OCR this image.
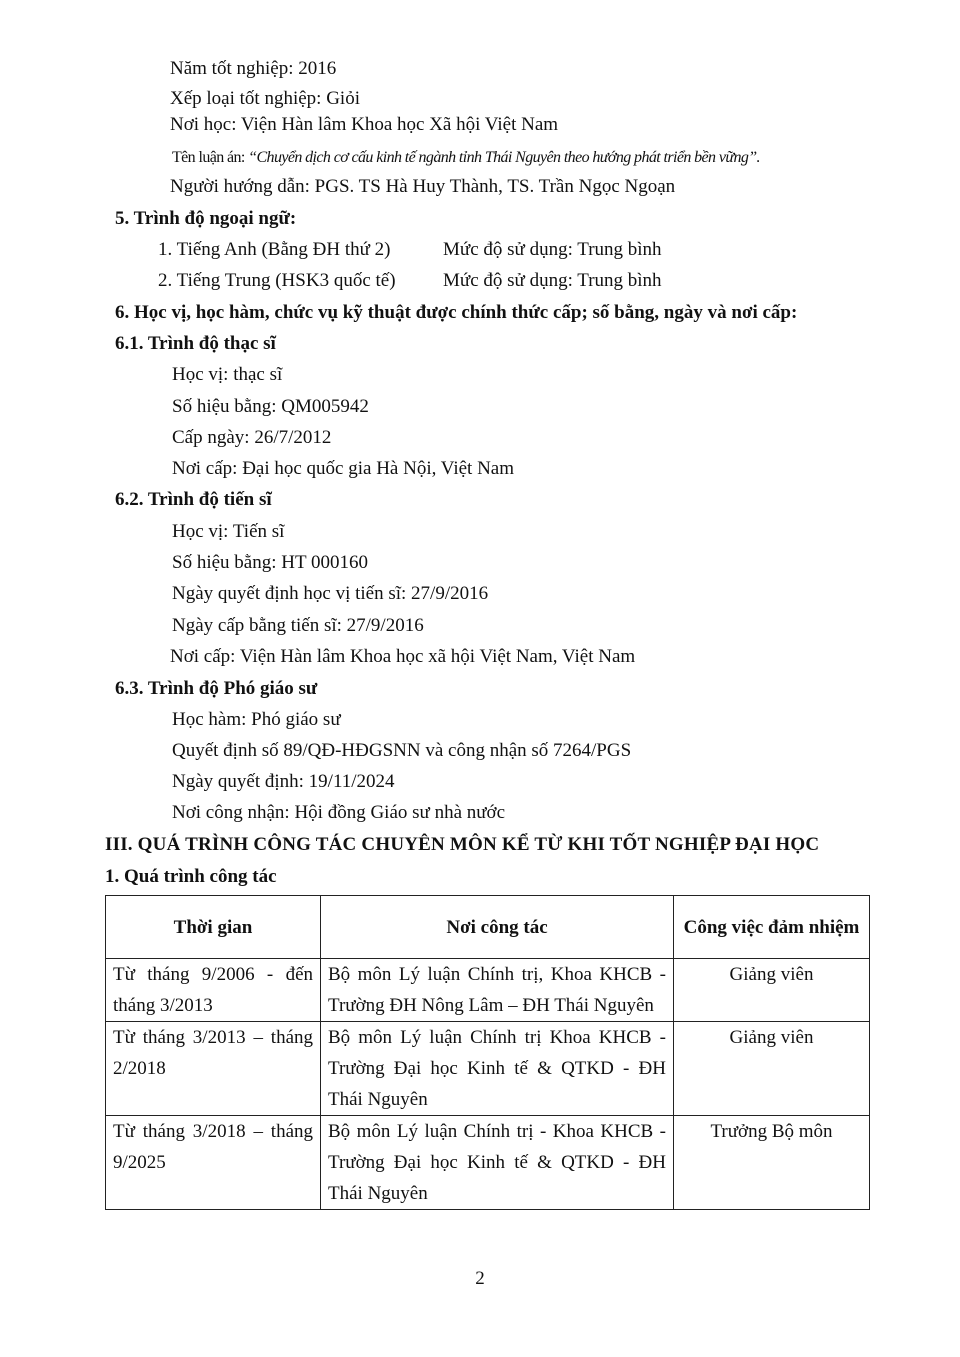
Năm tốt nghiệp: 2016
Xếp loại tốt nghiệp: Giỏi
Nơi học: Viện Hàn lâm Khoa học Xã hội Việt Nam
Tên luận án: “Chuyển dịch cơ cấu kinh tế ngành tỉnh Thái Nguyên theo hướng phát triển bền vững”.
Người hướng dẫn: PGS. TS Hà Huy Thành, TS. Trần Ngọc Ngoạn
5. Trình độ ngoại ngữ:
1. Tiếng Anh (Bằng ĐH thứ 2)	Mức độ sử dụng: Trung bình
2. Tiếng Trung (HSK3 quốc tế) Mức độ sử dụng: Trung bình
6. Học vị, học hàm, chức vụ kỹ thuật được chính thức cấp; số bằng, ngày và nơi cấp:
6.1. Trình độ thạc sĩ
Học vị: thạc sĩ
Số hiệu bằng: QM005942
Cấp ngày: 26/7/2012
Nơi cấp: Đại học quốc gia Hà Nội, Việt Nam
6.2. Trình độ tiến sĩ
Học vị: Tiến sĩ
Số hiệu bằng: HT 000160
Ngày quyết định học vị tiến sĩ: 27/9/2016
Ngày cấp bằng tiến sĩ: 27/9/2016
Nơi cấp: Viện Hàn lâm Khoa học xã hội Việt Nam, Việt Nam
6.3. Trình độ Phó giáo sư
Học hàm: Phó giáo sư
Quyết định số 89/QĐ-HĐGSNN và công nhận số 7264/PGS
Ngày quyết định: 19/11/2024
Nơi công nhận: Hội đồng Giáo sư nhà nước
III. QUÁ TRÌNH CÔNG TÁC CHUYÊN MÔN KỂ TỪ KHI TỐT NGHIỆP ĐẠI HỌC
1. Quá trình công tác
Thời gian	Nơi công tác	Công việc đảm nhiệm
Từ tháng 9/2006 - đến tháng 3/2013	Bộ môn Lý luận Chính trị, Khoa KHCB - Trường ĐH Nông Lâm – ĐH Thái Nguyên	Giảng viên
Từ tháng 3/2013 – tháng 2/2018	Bộ môn Lý luận Chính trị Khoa KHCB - Trường Đại học Kinh tế & QTKD - ĐH Thái Nguyên	Giảng viên
Từ tháng 3/2018 – tháng 9/2025	Bộ môn Lý luận Chính trị - Khoa KHCB - Trường Đại học Kinh tế & QTKD - ĐH Thái Nguyên	Trưởng Bộ môn
2
